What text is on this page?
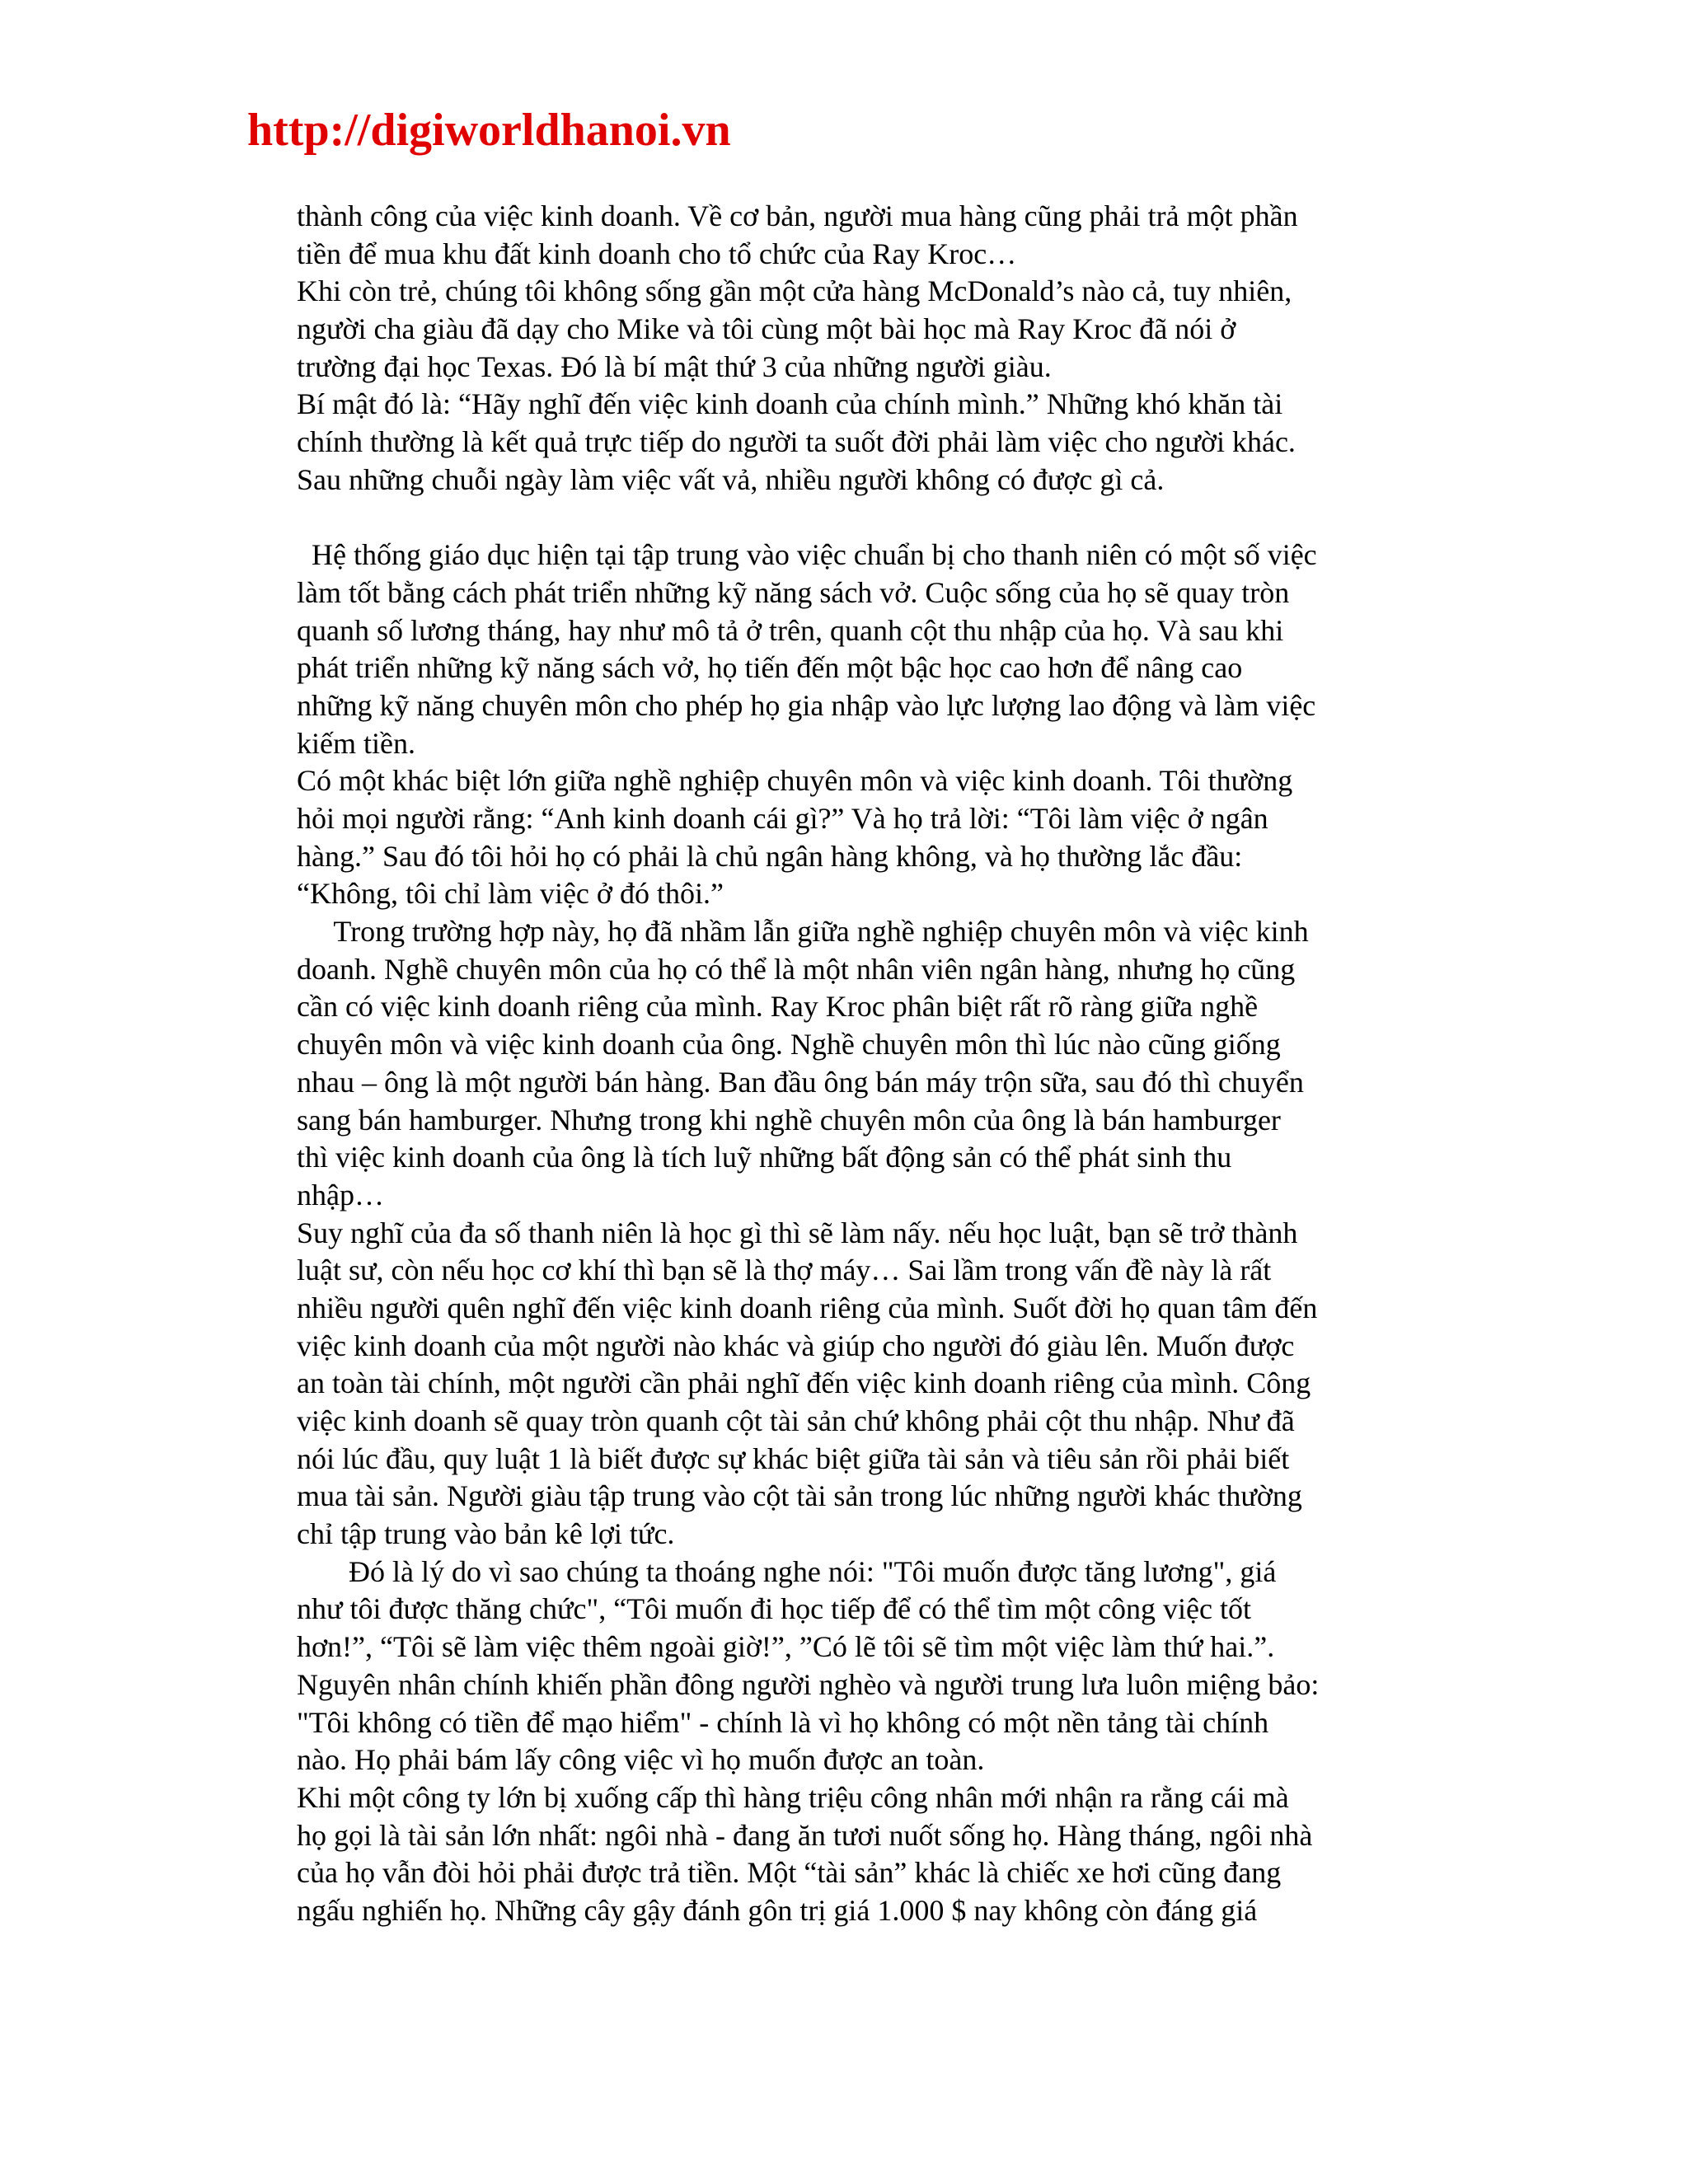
http://digiworldhanoi.vn
thành công của việc kinh doanh. Về cơ bản, người mua hàng cũng phải trả một phần
tiền để mua khu đất kinh doanh cho tổ chức của Ray Kroc…
Khi còn trẻ, chúng tôi không sống gần một cửa hàng McDonald’s nào cả, tuy nhiên,
người cha giàu đã dạy cho Mike và tôi cùng một bài học mà Ray Kroc đã nói ở
trường đại học Texas. Đó là bí mật thứ 3 của những người giàu.
Bí mật đó là: “Hãy nghĩ đến việc kinh doanh của chính mình.” Những khó khăn tài
chính thường là kết quả trực tiếp do người ta suốt đời phải làm việc cho người khác.
Sau những chuỗi ngày làm việc vất vả, nhiều người không có được gì cả.
Hệ thống giáo dục hiện tại tập trung vào việc chuẩn bị cho thanh niên có một số việc
làm tốt bằng cách phát triển những kỹ năng sách vở. Cuộc sống của họ sẽ quay tròn
quanh số lương tháng, hay như mô tả ở trên, quanh cột thu nhập của họ. Và sau khi
phát triển những kỹ năng sách vở, họ tiến đến một bậc học cao hơn để nâng cao
những kỹ năng chuyên môn cho phép họ gia nhập vào lực lượng lao động và làm việc
kiếm tiền.
Có một khác biệt lớn giữa nghề nghiệp chuyên môn và việc kinh doanh. Tôi thường
hỏi mọi người rằng: “Anh kinh doanh cái gì?” Và họ trả lời: “Tôi làm việc ở ngân
hàng.” Sau đó tôi hỏi họ có phải là chủ ngân hàng không, và họ thường lắc đầu:
“Không, tôi chỉ làm việc ở đó thôi.”
Trong trường hợp này, họ đã nhầm lẫn giữa nghề nghiệp chuyên môn và việc kinh
doanh. Nghề chuyên môn của họ có thể là một nhân viên ngân hàng, nhưng họ cũng
cần có việc kinh doanh riêng của mình. Ray Kroc phân biệt rất rõ ràng giữa nghề
chuyên môn và việc kinh doanh của ông. Nghề chuyên môn thì lúc nào cũng giống
nhau – ông là một người bán hàng. Ban đầu ông bán máy trộn sữa, sau đó thì chuyển
sang bán hamburger. Nhưng trong khi nghề chuyên môn của ông là bán hamburger
thì việc kinh doanh của ông là tích luỹ những bất động sản có thể phát sinh thu
nhập…
Suy nghĩ của đa số thanh niên là học gì thì sẽ làm nấy. nếu học luật, bạn sẽ trở thành
luật sư, còn nếu học cơ khí thì bạn sẽ là thợ máy… Sai lầm trong vấn đề này là rất
nhiều người quên nghĩ đến việc kinh doanh riêng của mình. Suốt đời họ quan tâm đến
việc kinh doanh của một người nào khác và giúp cho người đó giàu lên. Muốn được
an toàn tài chính, một người cần phải nghĩ đến việc kinh doanh riêng của mình. Công
việc kinh doanh sẽ quay tròn quanh cột tài sản chứ không phải cột thu nhập. Như đã
nói lúc đầu, quy luật 1 là biết được sự khác biệt giữa tài sản và tiêu sản rồi phải biết
mua tài sản. Người giàu tập trung vào cột tài sản trong lúc những người khác thường
chỉ tập trung vào bản kê lợi tức.
Đó là lý do vì sao chúng ta thoáng nghe nói: "Tôi muốn được tăng lương", giá
như tôi được thăng chức", “Tôi muốn đi học tiếp để có thể tìm một công việc tốt
hơn!”, “Tôi sẽ làm việc thêm ngoài giờ!”, ”Có lẽ tôi sẽ tìm một việc làm thứ hai.”.
Nguyên nhân chính khiến phần đông người nghèo và người trung lưa luôn miệng bảo:
"Tôi không có tiền để mạo hiểm" - chính là vì họ không có một nền tảng tài chính
nào. Họ phải bám lấy công việc vì họ muốn được an toàn.
Khi một công ty lớn bị xuống cấp thì hàng triệu công nhân mới nhận ra rằng cái mà
họ gọi là tài sản lớn nhất: ngôi nhà - đang ăn tươi nuốt sống họ. Hàng tháng, ngôi nhà
của họ vẫn đòi hỏi phải được trả tiền. Một “tài sản” khác là chiếc xe hơi cũng đang
ngấu nghiến họ. Những cây gậy đánh gôn trị giá 1.000 $ nay không còn đáng giá
